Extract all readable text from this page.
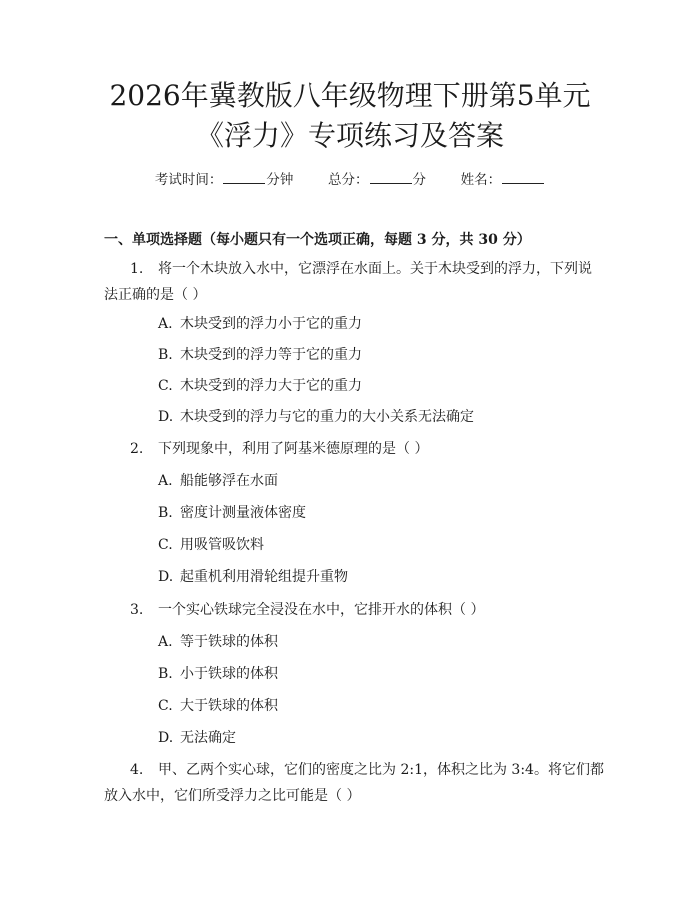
2026年冀教版八年级物理下册第5单元《浮力》专项练习及答案
考试时间：	分钟	总分：	分	姓名：
一、单项选择题（每小题只有一个选项正确，每题 3 分，共 30 分）
1. 将一个木块放入水中，它漂浮在水面上。关于木块受到的浮力，下列说法正确的是（ ）
A. 木块受到的浮力小于它的重力
B. 木块受到的浮力等于它的重力
C. 木块受到的浮力大于它的重力
D. 木块受到的浮力与它的重力的大小关系无法确定
2. 下列现象中，利用了阿基米德原理的是（ ）
A. 船能够浮在水面
B. 密度计测量液体密度
C. 用吸管吸饮料
D. 起重机利用滑轮组提升重物
3. 一个实心铁球完全浸没在水中，它排开水的体积（ ）
A. 等于铁球的体积
B. 小于铁球的体积
C. 大于铁球的体积
D. 无法确定
4. 甲、乙两个实心球，它们的密度之比为 2:1，体积之比为 3:4。将它们都放入水中，它们所受浮力之比可能是（ ）
